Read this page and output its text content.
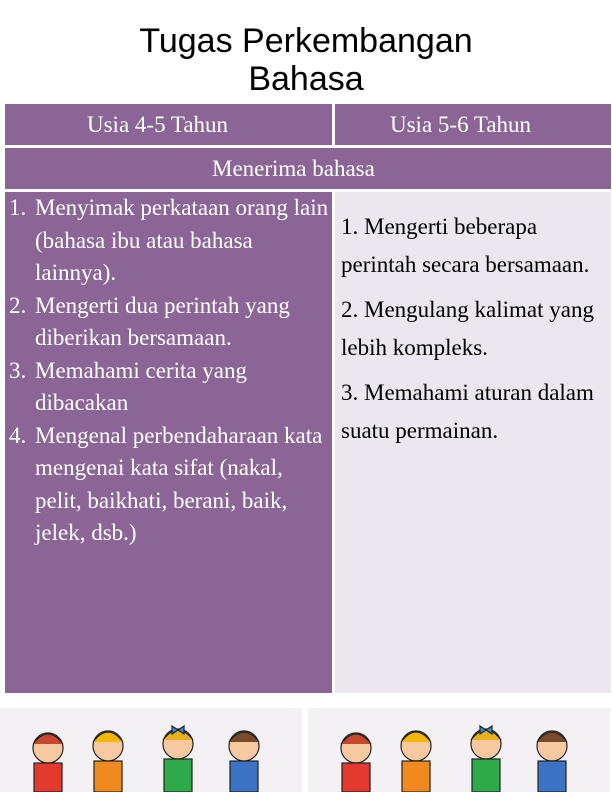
Tugas Perkembangan
Bahasa
Usia 4-5 Tahun	Usia 5-6 Tahun
Menerima bahasa
1. Menyimak perkataan orang lain (bahasa ibu atau bahasa lainnya).
2. Mengerti dua perintah yang diberikan bersamaan.
3. Memahami cerita yang dibacakan
4. Mengenal perbendaharaan kata mengenai kata sifat (nakal, pelit, baikhati, berani, baik, jelek, dsb.)
1. Mengerti beberapa perintah secara bersamaan.
2. Mengulang kalimat yang lebih kompleks.
3. Memahami aturan dalam suatu permainan.
